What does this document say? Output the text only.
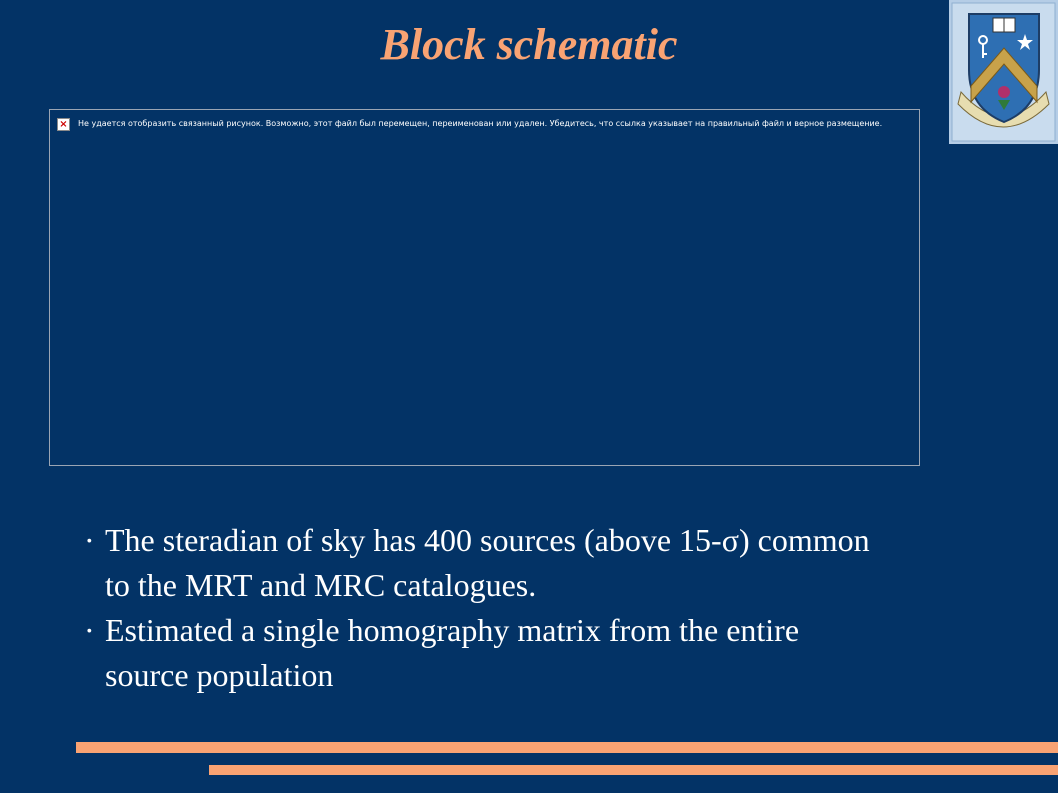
Block schematic
× Не удается отобразить связанный рисунок. Возможно, этот файл был перемещен, переименован или удален. Убедитесь, что ссылка указывает на правильный файл и верное размещение.
· The steradian of sky has 400 sources (above 15-σ) common to the MRT and MRC catalogues.
· Estimated a single homography matrix from the entire source population
